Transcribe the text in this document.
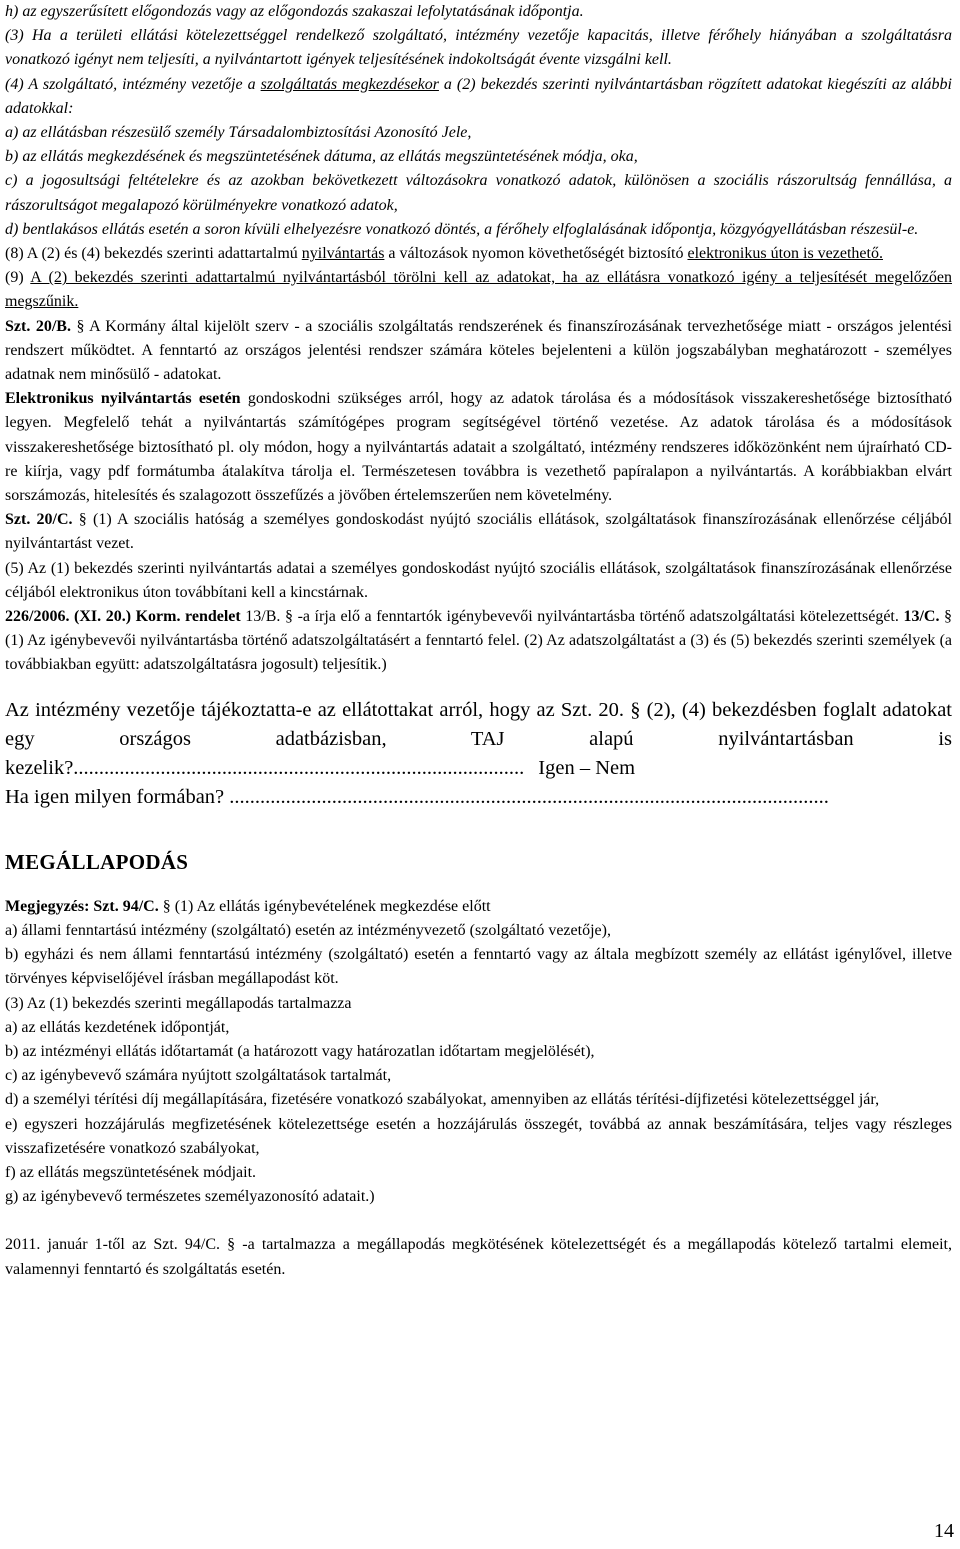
h) az egyszerűsített előgondozás vagy az előgondozás szakaszai lefolytatásának időpontja.

(3) Ha a területi ellátási kötelezettséggel rendelkező szolgáltató, intézmény vezetője kapacitás, illetve férőhely hiányában a szolgáltatásra vonatkozó igényt nem teljesíti, a nyilvántartott igények teljesítésének indokoltságát évente vizsgálni kell.

(4) A szolgáltató, intézmény vezetője a szolgáltatás megkezdésekor a (2) bekezdés szerinti nyilvántartásban rögzített adatokat kiegészíti az alábbi adatokkal:

a) az ellátásban részesülő személy Társadalombiztosítási Azonosító Jele,

b) az ellátás megkezdésének és megszüntetésének dátuma, az ellátás megszüntetésének módja, oka,

c) a jogosultsági feltételekre és az azokban bekövetkezett változásokra vonatkozó adatok, különösen a szociális rászorultság fennállása, a rászorultságot megalapozó körülményekre vonatkozó adatok,

d) bentlakásos ellátás esetén a soron kívüli elhelyezésre vonatkozó döntés, a férőhely elfoglalásának időpontja, közgyógyellátásban részesül-e.

(8) A (2) és (4) bekezdés szerinti adattartalmú nyilvántartás a változások nyomon követhetőségét biztosító elektronikus úton is vezethető.

(9) A (2) bekezdés szerinti adattartalmú nyilvántartásból törölni kell az adatokat, ha az ellátásra vonatkozó igény a teljesítését megelőzően megszűnik.

Szt. 20/B. § A Kormány által kijelölt szerv - a szociális szolgáltatás rendszerének és finanszírozásának tervezhetősége miatt - országos jelentési rendszert működtet. A fenntartó az országos jelentési rendszer számára köteles bejelenteni a külön jogszabályban meghatározott - személyes adatnak nem minősülő - adatokat.

Elektronikus nyilvántartás esetén gondoskodni szükséges arról, hogy az adatok tárolása és a módosítások visszakereshetősége biztosítható legyen. Megfelelő tehát a nyilvántartás számítógépes program segítségével történő vezetése. Az adatok tárolása és a módosítások visszakereshetősége biztosítható pl. oly módon, hogy a nyilvántartás adatait a szolgáltató, intézmény rendszeres időközönként nem újraírható CD-re kiírja, vagy pdf formátumba átalakítva tárolja el. Természetesen továbbra is vezethető papíralapon a nyilvántartás. A korábbiakban elvárt sorszámozás, hitelesítés és szalagozott összefűzés a jövőben értelemszerűen nem követelmény.

Szt. 20/C. § (1) A szociális hatóság a személyes gondoskodást nyújtó szociális ellátások, szolgáltatások finanszírozásának ellenőrzése céljából nyilvántartást vezet.

(5) Az (1) bekezdés szerinti nyilvántartás adatai a személyes gondoskodást nyújtó szociális ellátások, szolgáltatások finanszírozásának ellenőrzése céljából elektronikus úton továbbítani kell a kincstárnak.

226/2006. (XI. 20.) Korm. rendelet 13/B. § -a írja elő a fenntartók igénybevevői nyilvántartásba történő adatszolgáltatási kötelezettségét. 13/C. § (1) Az igénybevevői nyilvántartásba történő adatszolgáltatásért a fenntartó felel. (2) Az adatszolgáltatást a (3) és (5) bekezdés szerinti személyek (a továbbiakban együtt: adatszolgáltatásra jogosult) teljesítik.)

Az intézmény vezetője tájékoztatta-e az ellátottakat arról, hogy az Szt. 20. § (2), (4) bekezdésben foglalt adatokat egy országos adatbázisban, TAJ alapú nyilvántartásban is kezelik?........................................................................................ Igen – Nem

Ha igen milyen formában? .....................................................................................................................

MEGÁLLAPODÁS

Megjegyzés: Szt. 94/C. § (1) Az ellátás igénybevételének megkezdése előtt

a) állami fenntartású intézmény (szolgáltató) esetén az intézményvezető (szolgáltató vezetője),

b) egyházi és nem állami fenntartású intézmény (szolgáltató) esetén a fenntartó vagy az általa megbízott személy az ellátást igénylővel, illetve törvényes képviselőjével írásban megállapodást köt.

(3) Az (1) bekezdés szerinti megállapodás tartalmazza

a) az ellátás kezdetének időpontját,

b) az intézményi ellátás időtartamát (a határozott vagy határozatlan időtartam megjelölését),

c) az igénybevevő számára nyújtott szolgáltatások tartalmát,

d) a személyi térítési díj megállapítására, fizetésére vonatkozó szabályokat, amennyiben az ellátás térítési-díjfizetési kötelezettséggel jár,

e) egyszeri hozzájárulás megfizetésének kötelezettsége esetén a hozzájárulás összegét, továbbá az annak beszámítására, teljes vagy részleges visszafizetésére vonatkozó szabályokat,

f) az ellátás megszüntetésének módjait.

g) az igénybevevő természetes személyazonosító adatait.)

2011. január 1-től az Szt. 94/C. § -a tartalmazza a megállapodás megkötésének kötelezettségét és a megállapodás kötelező tartalmi elemeit, valamennyi fenntartó és szolgáltatás esetén.

14
